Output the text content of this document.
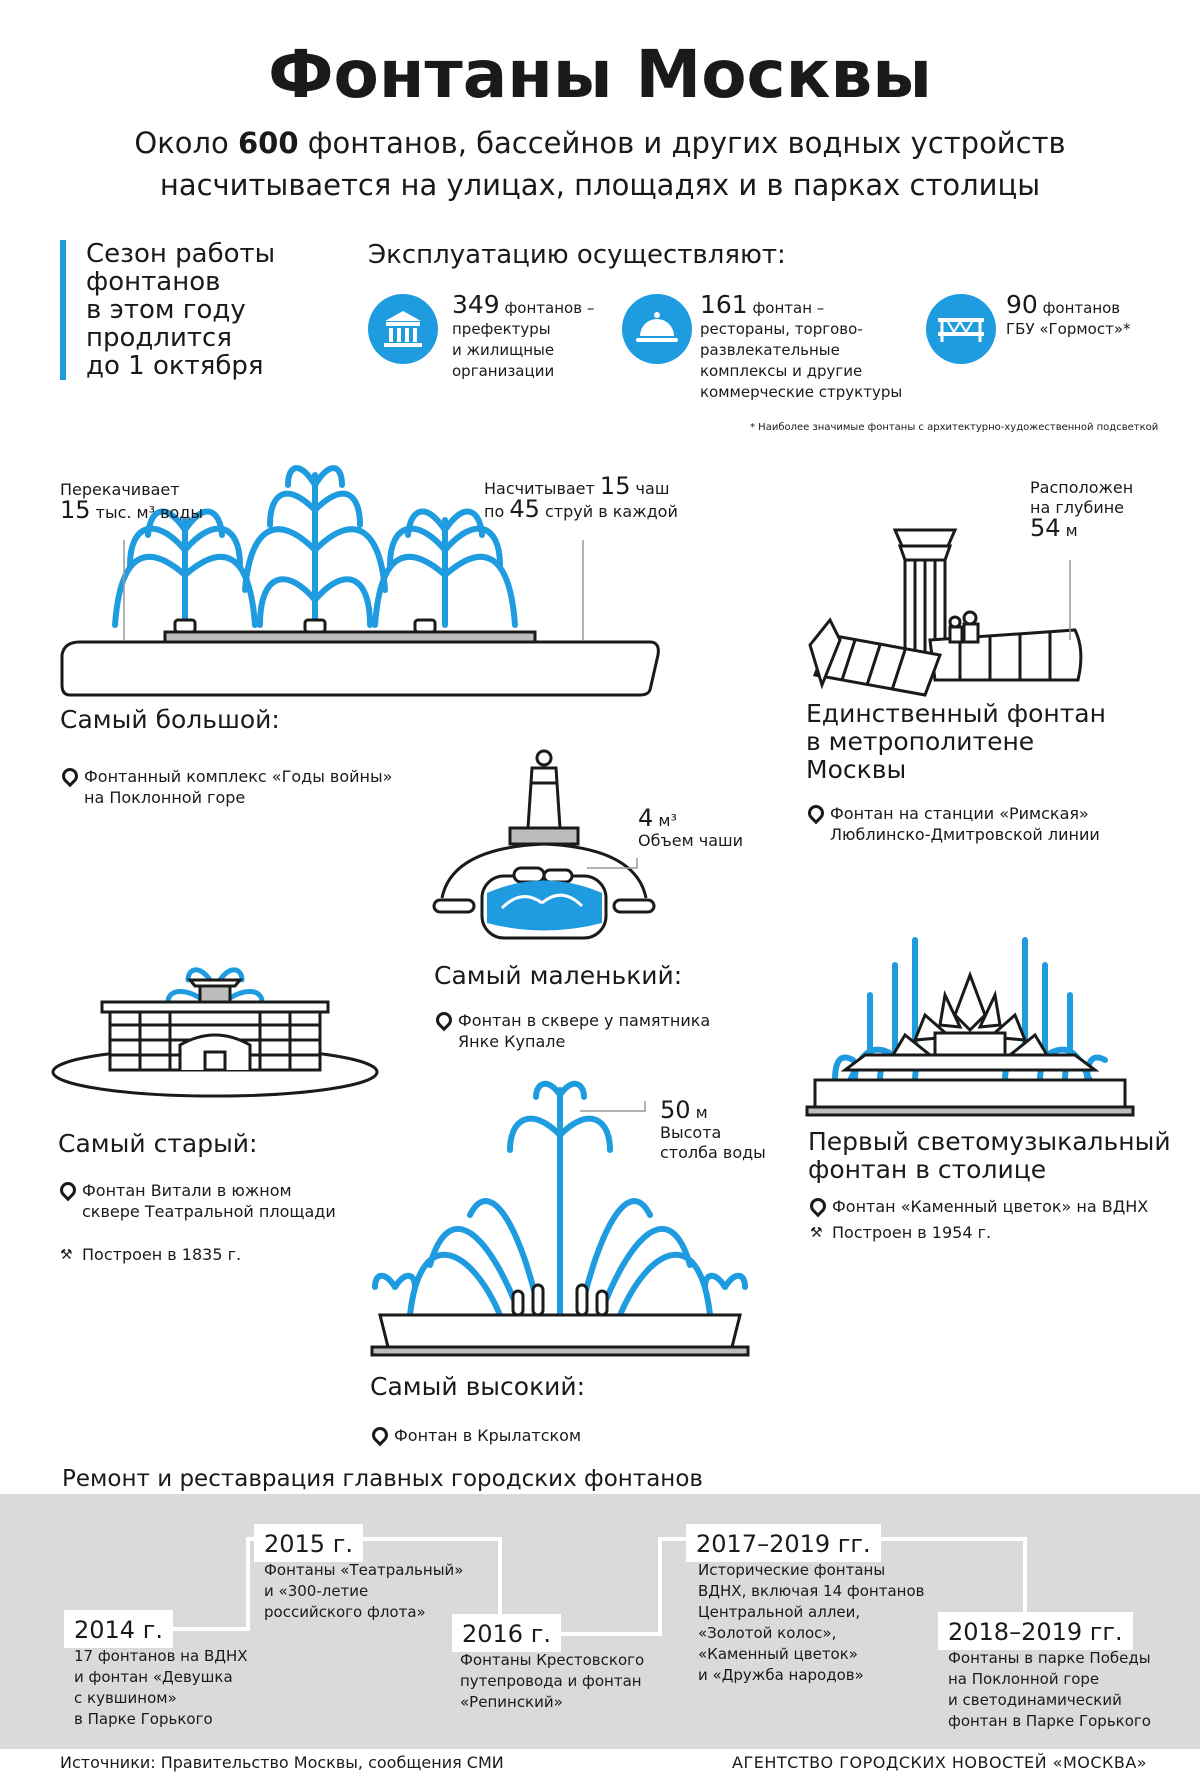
Фонтаны Москвы
Около 600 фонтанов, бассейнов и других водных устройств
насчитывается на улицах, площадях и в парках столицы
Сезон работы
фонтанов
в этом году
продлится
до 1 октября
Эксплуатацию осуществляют:
349 фонтанов –
префектуры
и жилищные
организации
161 фонтан –
рестораны, торгово-
развлекательные
комплексы и другие
коммерческие структуры
90 фонтанов
ГБУ «Гормост»*
* Наиболее значимые фонтаны с архитектурно-художественной подсветкой
Перекачивает
15 тыс. м³ воды
Насчитывает 15 чаш
по 45 струй в каждой
Самый большой:
Фонтанный комплекс «Годы войны»
на Поклонной горе
Расположен
на глубине
54 м
Единственный фонтан
в метрополитене
Москвы
Фонтан на станции «Римская»
Люблинско-Дмитровской линии
4 м³
Объем чаши
Самый маленький:
Фонтан в сквере у памятника
Янке Купале
Самый старый:
Фонтан Витали в южном
сквере Театральной площади
⚒ Построен в 1835 г.
50 м
Высота
столба воды
Самый высокий:
Фонтан в Крылатском
Первый светомузыкальный
фонтан в столице
Фонтан «Каменный цветок» на ВДНХ
⚒ Построен в 1954 г.
Ремонт и реставрация главных городских фонтанов
2014 г.
17 фонтанов на ВДНХ
и фонтан «Девушка
с кувшином»
в Парке Горького
2015 г.
Фонтаны «Театральный»
и «300-летие
российского флота»
2016 г.
Фонтаны Крестовского
путепровода и фонтан
«Репинский»
2017–2019 гг.
Исторические фонтаны
ВДНХ, включая 14 фонтанов
Центральной аллеи,
«Золотой колос»,
«Каменный цветок»
и «Дружба народов»
2018–2019 гг.
Фонтаны в парке Победы
на Поклонной горе
и светодинамический
фонтан в Парке Горького
Источники: Правительство Москвы, сообщения СМИ	АГЕНТСТВО ГОРОДСКИХ НОВОСТЕЙ «МОСКВА»
